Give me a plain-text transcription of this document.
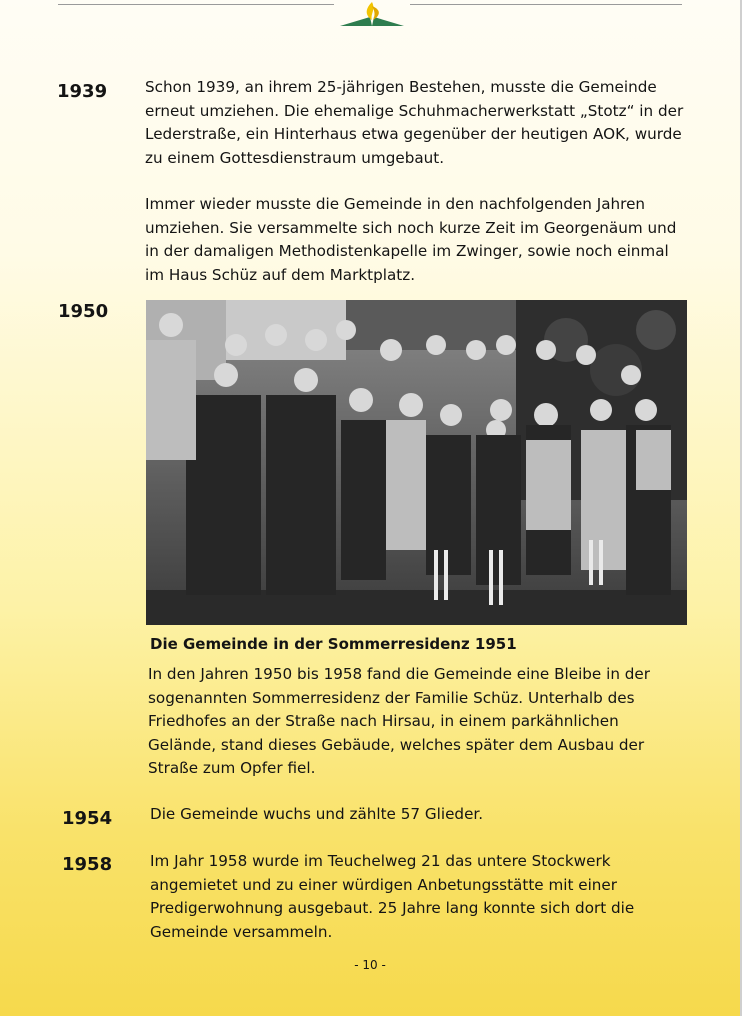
1939 Schon 1939, an ihrem 25-jährigen Bestehen, musste die Gemeinde erneut umziehen. Die ehemalige Schuhmacherwerkstatt „Stotz“ in der Lederstraße, ein Hinterhaus etwa gegenüber der heutigen AOK, wurde zu einem Gottesdienstraum umgebaut.
Immer wieder musste die Gemeinde in den nachfolgenden Jahren umziehen. Sie versammelte sich noch kurze Zeit im Georgenäum und in der damaligen Methodistenkapelle im Zwinger, sowie noch einmal im Haus Schüz auf dem Marktplatz.
1950
Die Gemeinde in der Sommerresidenz 1951
In den Jahren 1950 bis 1958 fand die Gemeinde eine Bleibe in der sogenannten Sommerresidenz der Familie Schüz. Unterhalb des Friedhofes an der Straße nach Hirsau, in einem parkähnlichen Gelände, stand dieses Gebäude, welches später dem Ausbau der Straße zum Opfer fiel.
1954 Die Gemeinde wuchs und zählte 57 Glieder.
1958 Im Jahr 1958 wurde im Teuchelweg 21 das untere Stockwerk angemietet und zu einer würdigen Anbetungsstätte mit einer Predigerwohnung ausgebaut. 25 Jahre lang konnte sich dort die Gemeinde versammeln.
- 10 -
